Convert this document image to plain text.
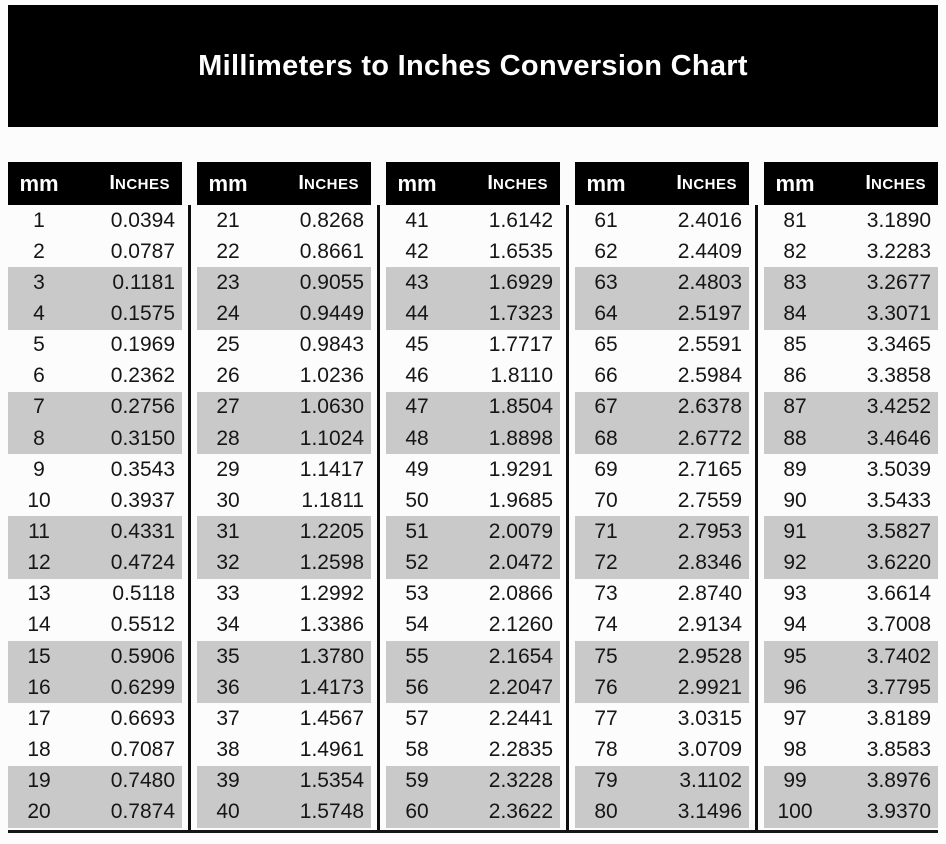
Millimeters to Inches Conversion Chart
mm	INCHES
1	0.0394
2	0.0787
3	0.1181
4	0.1575
5	0.1969
6	0.2362
7	0.2756
8	0.3150
9	0.3543
10	0.3937
11	0.4331
12	0.4724
13	0.5118
14	0.5512
15	0.5906
16	0.6299
17	0.6693
18	0.7087
19	0.7480
20	0.7874
mm	INCHES
21	0.8268
22	0.8661
23	0.9055
24	0.9449
25	0.9843
26	1.0236
27	1.0630
28	1.1024
29	1.1417
30	1.1811
31	1.2205
32	1.2598
33	1.2992
34	1.3386
35	1.3780
36	1.4173
37	1.4567
38	1.4961
39	1.5354
40	1.5748
mm	INCHES
41	1.6142
42	1.6535
43	1.6929
44	1.7323
45	1.7717
46	1.8110
47	1.8504
48	1.8898
49	1.9291
50	1.9685
51	2.0079
52	2.0472
53	2.0866
54	2.1260
55	2.1654
56	2.2047
57	2.2441
58	2.2835
59	2.3228
60	2.3622
mm	INCHES
61	2.4016
62	2.4409
63	2.4803
64	2.5197
65	2.5591
66	2.5984
67	2.6378
68	2.6772
69	2.7165
70	2.7559
71	2.7953
72	2.8346
73	2.8740
74	2.9134
75	2.9528
76	2.9921
77	3.0315
78	3.0709
79	3.1102
80	3.1496
mm	INCHES
81	3.1890
82	3.2283
83	3.2677
84	3.3071
85	3.3465
86	3.3858
87	3.4252
88	3.4646
89	3.5039
90	3.5433
91	3.5827
92	3.6220
93	3.6614
94	3.7008
95	3.7402
96	3.7795
97	3.8189
98	3.8583
99	3.8976
100	3.9370
